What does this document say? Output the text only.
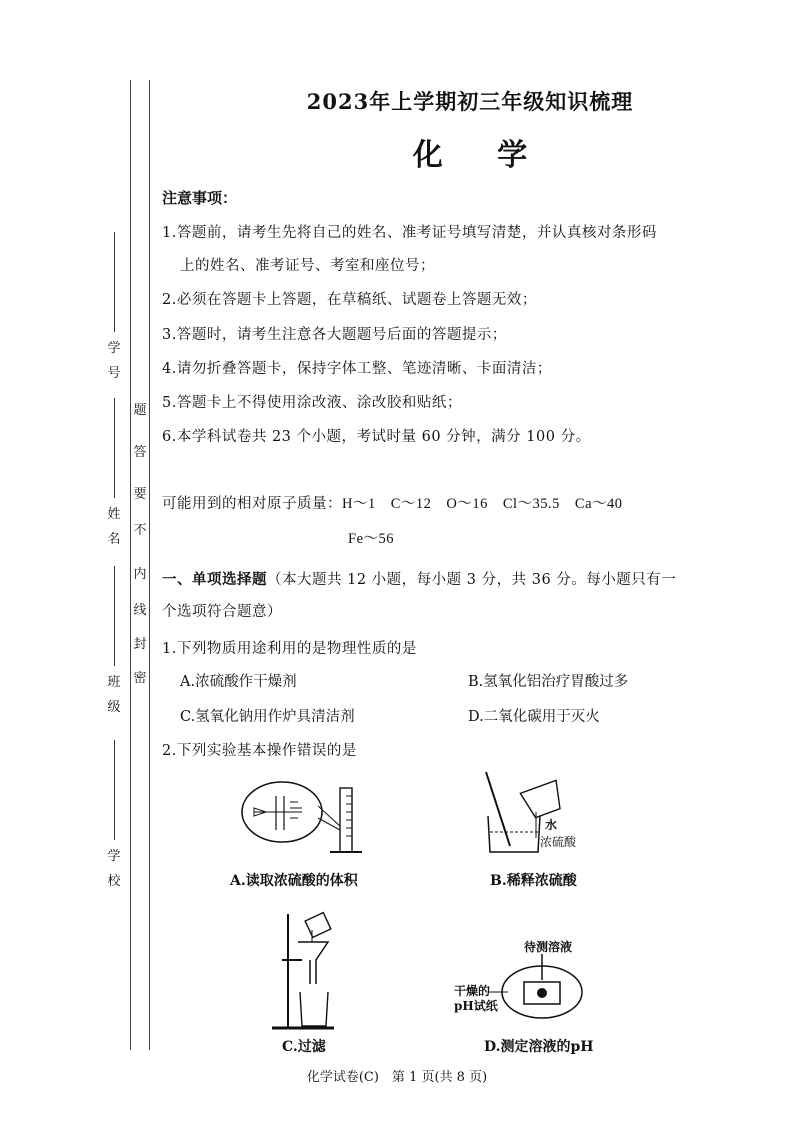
学
号
姓
名
班
级
学
校
密
封
线
内
不
要
答
题
2023年上学期初三年级知识梳理
化 学
注意事项：
1.答题前，请考生先将自己的姓名、准考证号填写清楚，并认真核对条形码
上的姓名、准考证号、考室和座位号；
2.必须在答题卡上答题，在草稿纸、试题卷上答题无效；
3.答题时，请考生注意各大题题号后面的答题提示；
4.请勿折叠答题卡，保持字体工整、笔迹清晰、卡面清洁；
5.答题卡上不得使用涂改液、涂改胶和贴纸；
6.本学科试卷共 23 个小题，考试时量 60 分钟，满分 100 分。
可能用到的相对原子质量：H～1　C～12　O～16　Cl～35.5　Ca～40
Fe～56
一、单项选择题（本大题共 12 小题，每小题 3 分，共 36 分。每小题只有一
个选项符合题意）
1.下列物质用途利用的是物理性质的是
A.浓硫酸作干燥剂	B.氢氧化铝治疗胃酸过多
C.氢氧化钠用作炉具清洁剂	D.二氧化碳用于灭火
2.下列实验基本操作错误的是
A.读取浓硫酸的体积
水
浓硫酸
B.稀释浓硫酸
C.过滤
待测溶液
干燥的
pH试纸
D.测定溶液的pH
化学试卷(C)　第 1 页(共 8 页)
